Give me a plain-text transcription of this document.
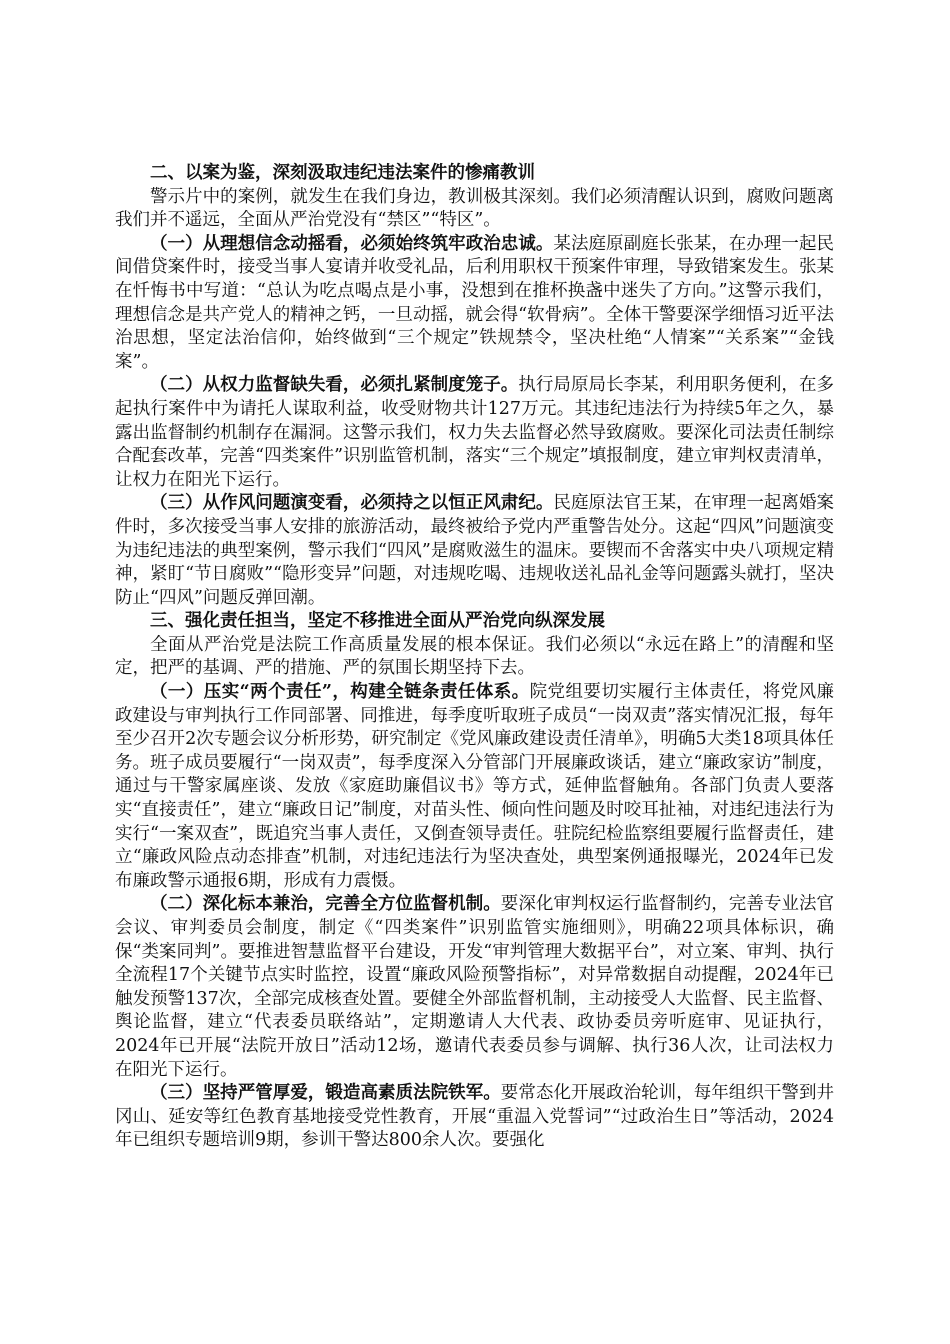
二、以案为鉴，深刻汲取违纪违法案件的惨痛教训

警示片中的案例，就发生在我们身边，教训极其深刻。我们必须清醒认识到，腐败问题离我们并不遥远，全面从严治党没有“禁区”“特区”。

（一）从理想信念动摇看，必须始终筑牢政治忠诚。某法庭原副庭长张某，在办理一起民间借贷案件时，接受当事人宴请并收受礼品，后利用职权干预案件审理，导致错案发生。张某在忏悔书中写道：“总认为吃点喝点是小事，没想到在推杯换盏中迷失了方向。”这警示我们，理想信念是共产党人的精神之钙，一旦动摇，就会得“软骨病”。全体干警要深学细悟习近平法治思想，坚定法治信仰，始终做到“三个规定”铁规禁令，坚决杜绝“人情案”“关系案”“金钱案”。

（二）从权力监督缺失看，必须扎紧制度笼子。执行局原局长李某，利用职务便利，在多起执行案件中为请托人谋取利益，收受财物共计127万元。其违纪违法行为持续5年之久，暴露出监督制约机制存在漏洞。这警示我们，权力失去监督必然导致腐败。要深化司法责任制综合配套改革，完善“四类案件”识别监管机制，落实“三个规定”填报制度，建立审判权责清单，让权力在阳光下运行。

（三）从作风问题演变看，必须持之以恒正风肃纪。民庭原法官王某，在审理一起离婚案件时，多次接受当事人安排的旅游活动，最终被给予党内严重警告处分。这起“四风”问题演变为违纪违法的典型案例，警示我们“四风”是腐败滋生的温床。要锲而不舍落实中央八项规定精神，紧盯“节日腐败”“隐形变异”问题，对违规吃喝、违规收送礼品礼金等问题露头就打，坚决防止“四风”问题反弹回潮。

三、强化责任担当，坚定不移推进全面从严治党向纵深发展

全面从严治党是法院工作高质量发展的根本保证。我们必须以“永远在路上”的清醒和坚定，把严的基调、严的措施、严的氛围长期坚持下去。

（一）压实“两个责任”，构建全链条责任体系。院党组要切实履行主体责任，将党风廉政建设与审判执行工作同部署、同推进，每季度听取班子成员“一岗双责”落实情况汇报，每年至少召开2次专题会议分析形势，研究制定《党风廉政建设责任清单》，明确5大类18项具体任务。班子成员要履行“一岗双责”，每季度深入分管部门开展廉政谈话，建立“廉政家访”制度，通过与干警家属座谈、发放《家庭助廉倡议书》等方式，延伸监督触角。各部门负责人要落实“直接责任”，建立“廉政日记”制度，对苗头性、倾向性问题及时咬耳扯袖，对违纪违法行为实行“一案双查”，既追究当事人责任，又倒查领导责任。驻院纪检监察组要履行监督责任，建立“廉政风险点动态排查”机制，对违纪违法行为坚决查处，典型案例通报曝光，2024年已发布廉政警示通报6期，形成有力震慑。

（二）深化标本兼治，完善全方位监督机制。要深化审判权运行监督制约，完善专业法官会议、审判委员会制度，制定《“四类案件”识别监管实施细则》，明确22项具体标识，确保“类案同判”。要推进智慧监督平台建设，开发“审判管理大数据平台”，对立案、审判、执行全流程17个关键节点实时监控，设置“廉政风险预警指标”，对异常数据自动提醒，2024年已触发预警137次，全部完成核查处置。要健全外部监督机制，主动接受人大监督、民主监督、舆论监督，建立“代表委员联络站”，定期邀请人大代表、政协委员旁听庭审、见证执行，2024年已开展“法院开放日”活动12场，邀请代表委员参与调解、执行36人次，让司法权力在阳光下运行。

（三）坚持严管厚爱，锻造高素质法院铁军。要常态化开展政治轮训，每年组织干警到井冈山、延安等红色教育基地接受党性教育，开展“重温入党誓词”“过政治生日”等活动，2024年已组织专题培训9期，参训干警达800余人次。要强化
